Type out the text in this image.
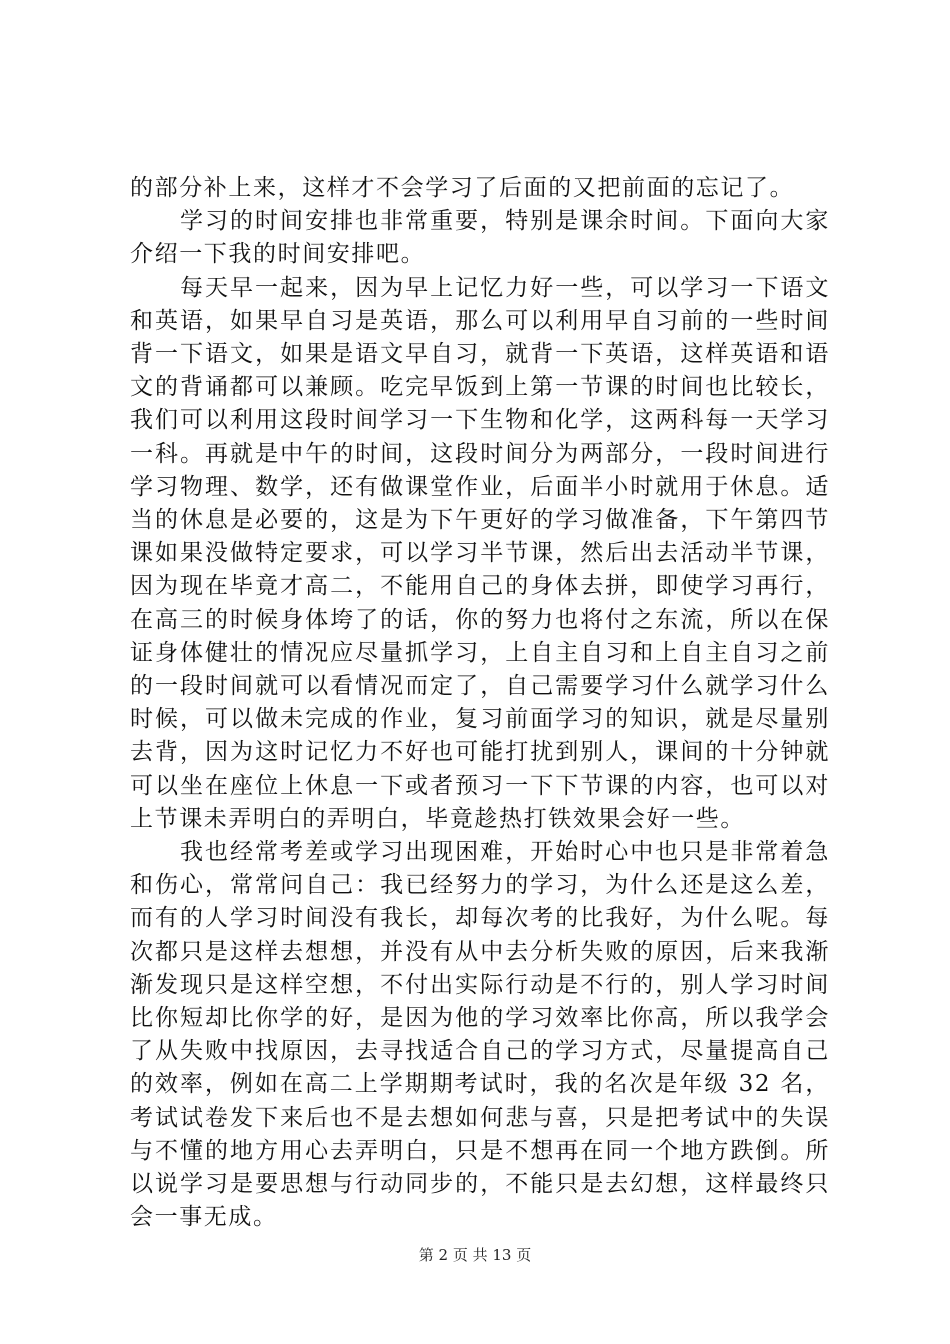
的部分补上来，这样才不会学习了后面的又把前面的忘记了。

学习的时间安排也非常重要，特别是课余时间。下面向大家介绍一下我的时间安排吧。

每天早一起来，因为早上记忆力好一些，可以学习一下语文和英语，如果早自习是英语，那么可以利用早自习前的一些时间背一下语文，如果是语文早自习，就背一下英语，这样英语和语文的背诵都可以兼顾。吃完早饭到上第一节课的时间也比较长，我们可以利用这段时间学习一下生物和化学，这两科每一天学习一科。再就是中午的时间，这段时间分为两部分，一段时间进行学习物理、数学，还有做课堂作业，后面半小时就用于休息。适当的休息是必要的，这是为下午更好的学习做准备，下午第四节课如果没做特定要求，可以学习半节课，然后出去活动半节课，因为现在毕竟才高二，不能用自己的身体去拼，即使学习再行，在高三的时候身体垮了的话，你的努力也将付之东流，所以在保证身体健壮的情况应尽量抓学习，上自主自习和上自主自习之前的一段时间就可以看情况而定了，自己需要学习什么就学习什么时候，可以做未完成的作业，复习前面学习的知识，就是尽量别去背，因为这时记忆力不好也可能打扰到别人，课间的十分钟就可以坐在座位上休息一下或者预习一下下节课的内容，也可以对上节课未弄明白的弄明白，毕竟趁热打铁效果会好一些。

我也经常考差或学习出现困难，开始时心中也只是非常着急和伤心，常常问自己：我已经努力的学习，为什么还是这么差，而有的人学习时间没有我长，却每次考的比我好，为什么呢。每次都只是这样去想想，并没有从中去分析失败的原因，后来我渐渐发现只是这样空想，不付出实际行动是不行的，别人学习时间比你短却比你学的好，是因为他的学习效率比你高，所以我学会了从失败中找原因，去寻找适合自己的学习方式，尽量提高自己的效率，例如在高二上学期期考试时，我的名次是年级 32 名，考试试卷发下来后也不是去想如何悲与喜，只是把考试中的失误与不懂的地方用心去弄明白，只是不想再在同一个地方跌倒。所以说学习是要思想与行动同步的，不能只是去幻想，这样最终只会一事无成。

第 2 页 共 13 页
